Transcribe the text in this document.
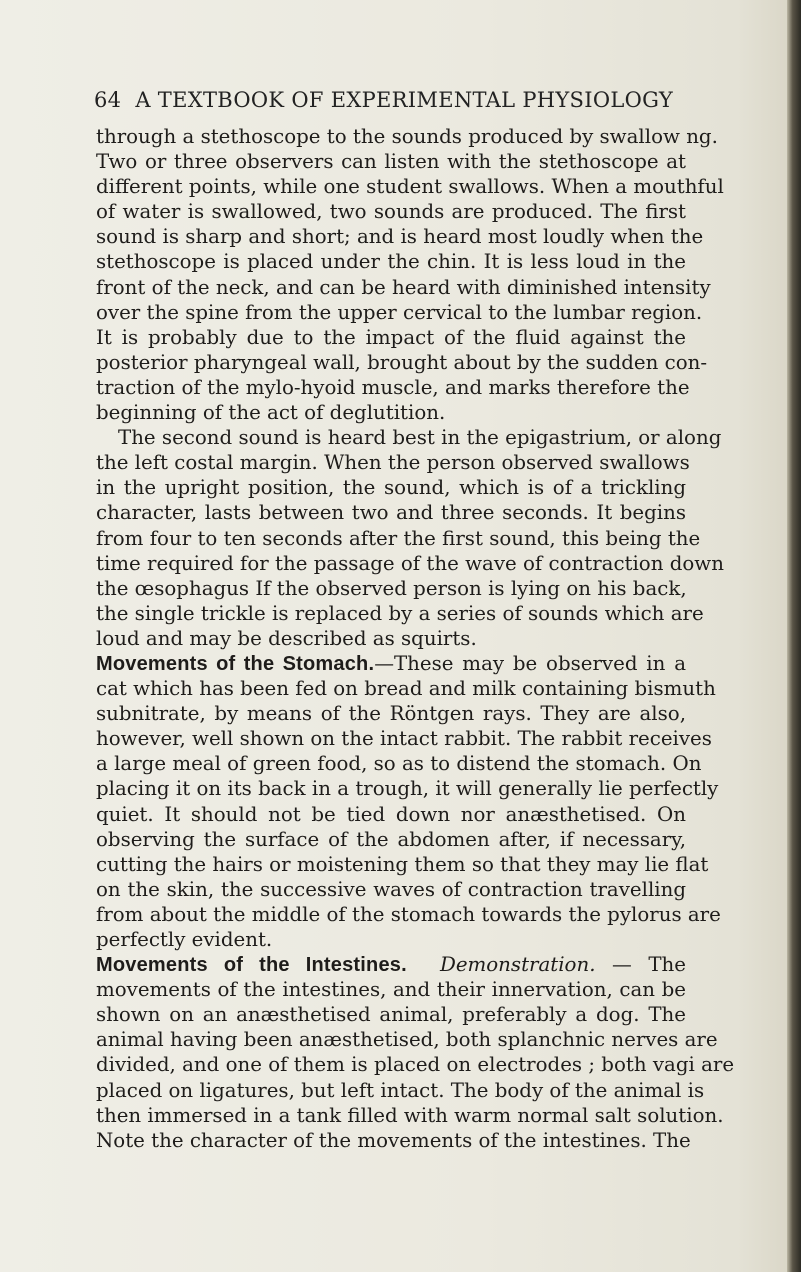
64 A TEXTBOOK OF EXPERIMENTAL PHYSIOLOGY
through a stethoscope to the sounds produced by swallow ng.
Two or three observers can listen with the stethoscope at
different points, while one student swallows. When a mouthful
of water is swallowed, two sounds are produced. The first
sound is sharp and short; and is heard most loudly when the
stethoscope is placed under the chin. It is less loud in the
front of the neck, and can be heard with diminished intensity
over the spine from the upper cervical to the lumbar region.
It is probably due to the impact of the fluid against the
posterior pharyngeal wall, brought about by the sudden con-
traction of the mylo-hyoid muscle, and marks therefore the
beginning of the act of deglutition.
The second sound is heard best in the epigastrium, or along
the left costal margin. When the person observed swallows
in the upright position, the sound, which is of a trickling
character, lasts between two and three seconds. It begins
from four to ten seconds after the first sound, this being the
time required for the passage of the wave of contraction down
the œsophagus If the observed person is lying on his back,
the single trickle is replaced by a series of sounds which are
loud and may be described as squirts.
Movements of the Stomach.—These may be observed in a
cat which has been fed on bread and milk containing bismuth
subnitrate, by means of the Röntgen rays. They are also,
however, well shown on the intact rabbit. The rabbit receives
a large meal of green food, so as to distend the stomach. On
placing it on its back in a trough, it will generally lie perfectly
quiet. It should not be tied down nor anæsthetised. On
observing the surface of the abdomen after, if necessary,
cutting the hairs or moistening them so that they may lie flat
on the skin, the successive waves of contraction travelling
from about the middle of the stomach towards the pylorus are
perfectly evident.
Movements of the Intestines. Demonstration. — The
movements of the intestines, and their innervation, can be
shown on an anæsthetised animal, preferably a dog. The
animal having been anæsthetised, both splanchnic nerves are
divided, and one of them is placed on electrodes ; both vagi are
placed on ligatures, but left intact. The body of the animal is
then immersed in a tank filled with warm normal salt solution.
Note the character of the movements of the intestines. The
